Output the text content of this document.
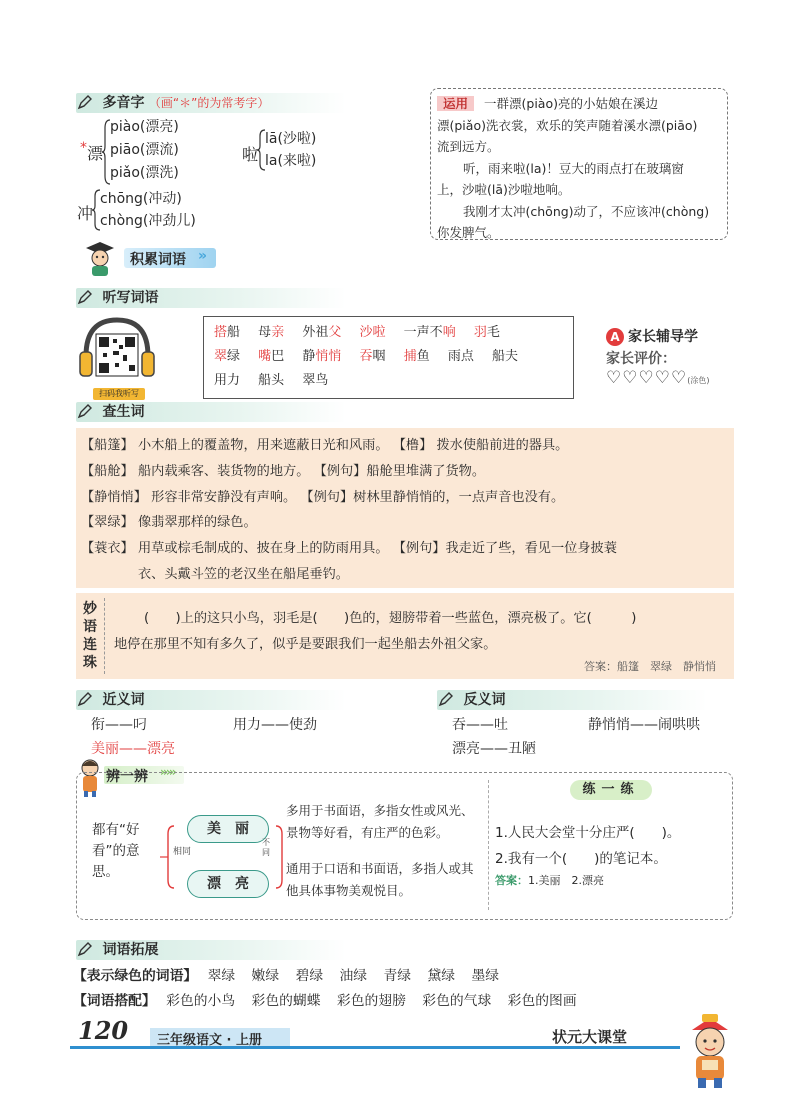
多音字 （画“＊”的为常考字）
* 漂
piào(漂亮)
piāo(漂流)
piǎo(漂洗)
啦
lā(沙啦)
la(来啦)
冲
chōng(冲动)
chòng(冲劲儿)
运用 一群漂(piào)亮的小姑娘在溪边
漂(piǎo)洗衣裳，欢乐的笑声随着溪水漂(piāo)
流到远方。
听，雨来啦(la)！豆大的雨点打在玻璃窗
上，沙啦(lā)沙啦地响。
我刚才太冲(chōng)动了，不应该冲(chòng)
你发脾气。
积累词语 »
听写词语
扫码我听写
搭船 母亲 外祖父 沙啦 一声不响 羽毛
翠绿 嘴巴 静悄悄 吞咽 捕鱼 雨点 船夫
用力 船头 翠鸟
A 家长辅导学
家长评价：
♡♡♡♡♡(涂色)
查生词
【船篷】 小木船上的覆盖物，用来遮蔽日光和风雨。 【橹】 拨水使船前进的器具。
【船舱】 船内载乘客、装货物的地方。 【例句】船舱里堆满了货物。
【静悄悄】 形容非常安静没有声响。 【例句】树林里静悄悄的，一点声音也没有。
【翠绿】 像翡翠那样的绿色。
【蓑衣】 用草或棕毛制成的、披在身上的防雨用具。 【例句】我走近了些，看见一位身披蓑
衣、头戴斗笠的老汉坐在船尾垂钓。
妙语连珠
(　　)上的这只小鸟，羽毛是(　　)色的，翅膀带着一些蓝色，漂亮极了。它(　　　)
地停在那里不知有多久了，似乎是要跟我们一起坐船去外祖父家。
答案：船篷　翠绿　静悄悄
近义词
衔——叼	用力——使劲
美丽——漂亮
反义词
吞——吐	静悄悄——闹哄哄
漂亮——丑陋
辨一辨 ›››››
都有“好看”的意思。
美　丽
漂　亮
相同
不同
多用于书面语，多指女性或风光、景物等好看，有庄严的色彩。
通用于口语和书面语，多指人或其他具体事物美观悦目。
练一练
1.人民大会堂十分庄严(　　)。
2.我有一个(　　)的笔记本。
答案：1.美丽　2.漂亮
词语拓展
【表示绿色的词语】 翠绿 嫩绿 碧绿 油绿 青绿 黛绿 墨绿
【词语搭配】 彩色的小鸟 彩色的蝴蝶 彩色的翅膀 彩色的气球 彩色的图画
120 三年级语文 · 上册	状元大课堂
